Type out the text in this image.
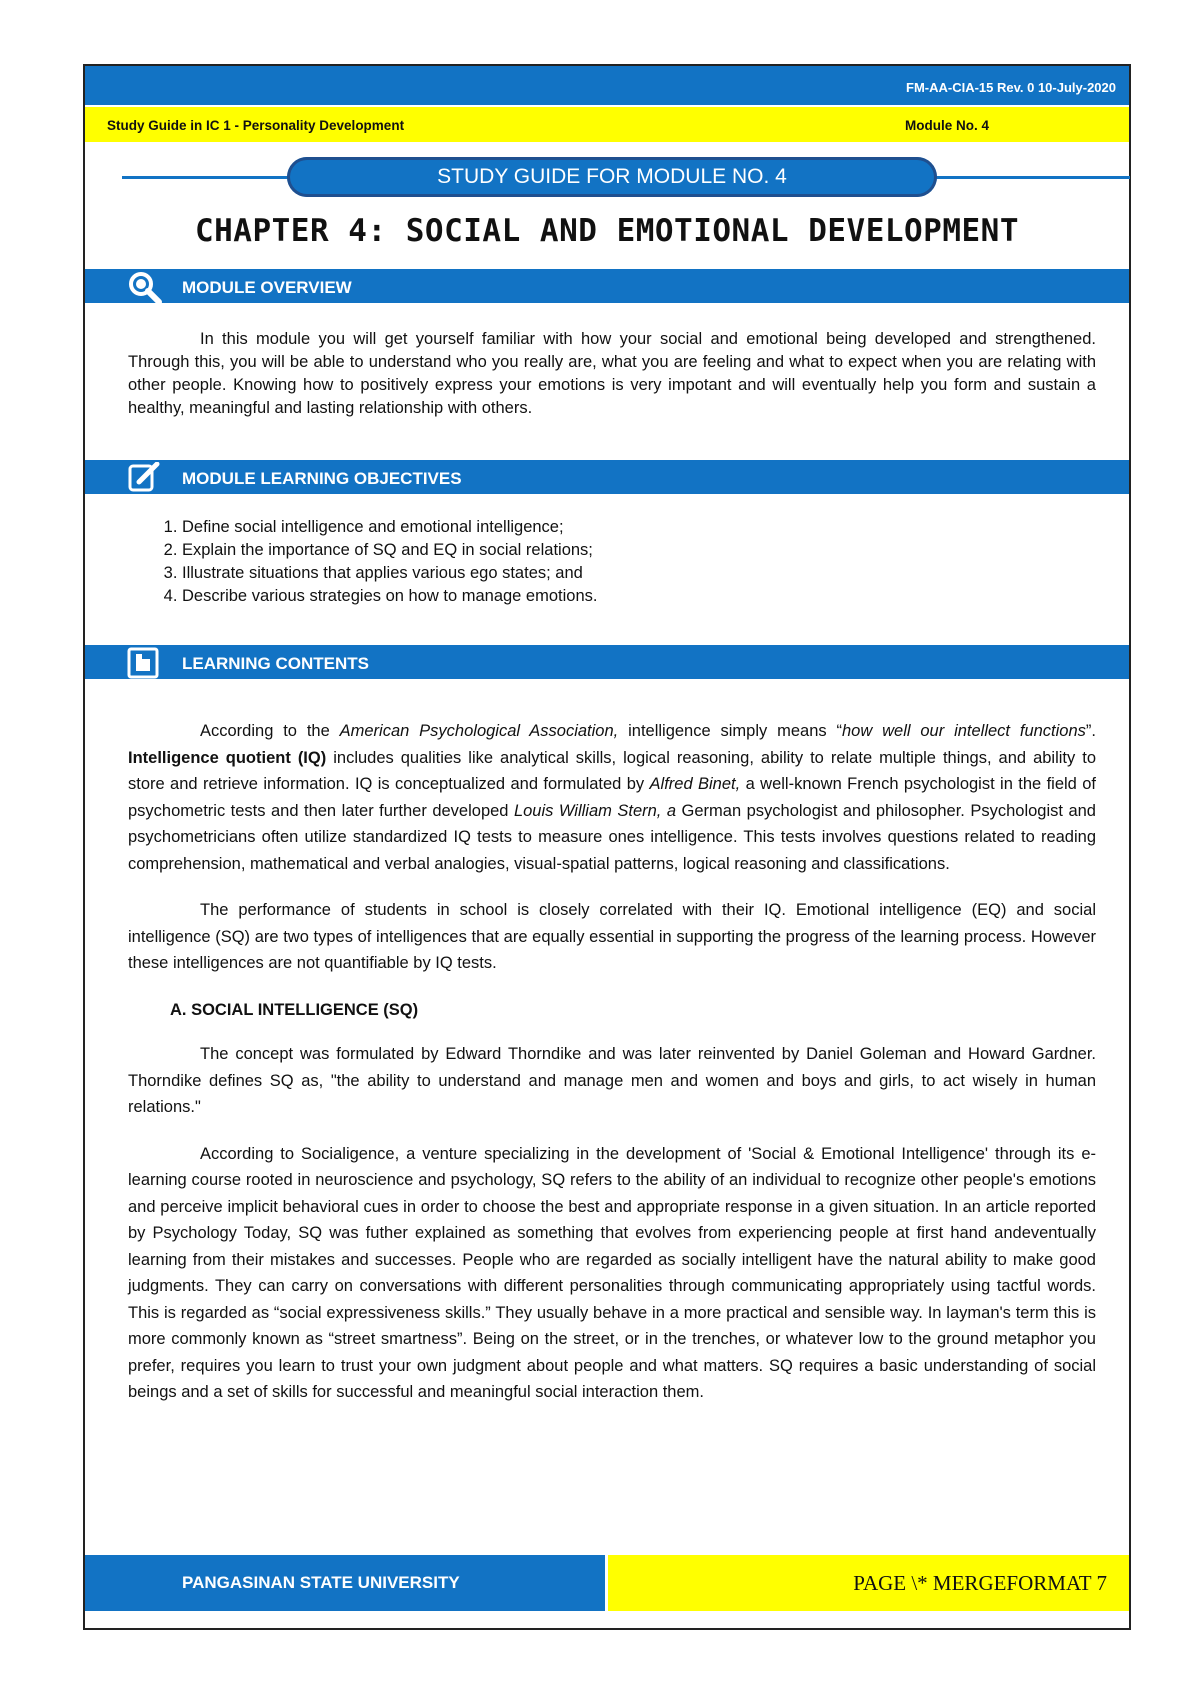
FM-AA-CIA-15 Rev. 0 10-July-2020
Study Guide in IC 1 - Personality Development	Module No. 4
STUDY GUIDE FOR MODULE NO. 4
CHAPTER 4: SOCIAL AND EMOTIONAL DEVELOPMENT
MODULE OVERVIEW

In this module you will get yourself familiar with how your social and emotional being developed and strengthened. Through this, you will be able to understand who you really are, what you are feeling and what to expect when you are relating with other people. Knowing how to positively express your emotions is very impotant and will eventually help you form and sustain a healthy, meaningful and lasting relationship with others.

MODULE LEARNING OBJECTIVES
1. Define social intelligence and emotional intelligence;
2. Explain the importance of SQ and EQ in social relations;
3. Illustrate situations that applies various ego states; and
4. Describe various strategies on how to manage emotions.
LEARNING CONTENTS

According to the American Psychological Association, intelligence simply means “how well our intellect functions”. Intelligence quotient (IQ) includes qualities like analytical skills, logical reasoning, ability to relate multiple things, and ability to store and retrieve information. IQ is conceptualized and formulated by Alfred Binet, a well-known French psychologist in the field of psychometric tests and then later further developed Louis William Stern, a German psychologist and philosopher. Psychologist and psychometricians often utilize standardized IQ tests to measure ones intelligence. This tests involves questions related to reading comprehension, mathematical and verbal analogies, visual-spatial patterns, logical reasoning and classifications.

The performance of students in school is closely correlated with their IQ. Emotional intelligence (EQ) and social intelligence (SQ) are two types of intelligences that are equally essential in supporting the progress of the learning process. However these intelligences are not quantifiable by IQ tests.

A. SOCIAL INTELLIGENCE (SQ)

The concept was formulated by Edward Thorndike and was later reinvented by Daniel Goleman and Howard Gardner. Thorndike defines SQ as, "the ability to understand and manage men and women and boys and girls, to act wisely in human relations."

According to Socialigence, a venture specializing in the development of 'Social & Emotional Intelligence' through its e-learning course rooted in neuroscience and psychology, SQ refers to the ability of an individual to recognize other people's emotions and perceive implicit behavioral cues in order to choose the best and appropriate response in a given situation. In an article reported by Psychology Today, SQ was futher explained as something that evolves from experiencing people at first hand andeventually learning from their mistakes and successes. People who are regarded as socially intelligent have the natural ability to make good judgments. They can carry on conversations with different personalities through communicating appropriately using tactful words. This is regarded as “social expressiveness skills.” They usually behave in a more practical and sensible way. In layman's term this is more commonly known as “street smartness”. Being on the street, or in the trenches, or whatever low to the ground metaphor you prefer, requires you learn to trust your own judgment about people and what matters. SQ requires a basic understanding of social beings and a set of skills for successful and meaningful social interaction them.

PANGASINAN STATE UNIVERSITY	PAGE \* MERGEFORMAT 7
